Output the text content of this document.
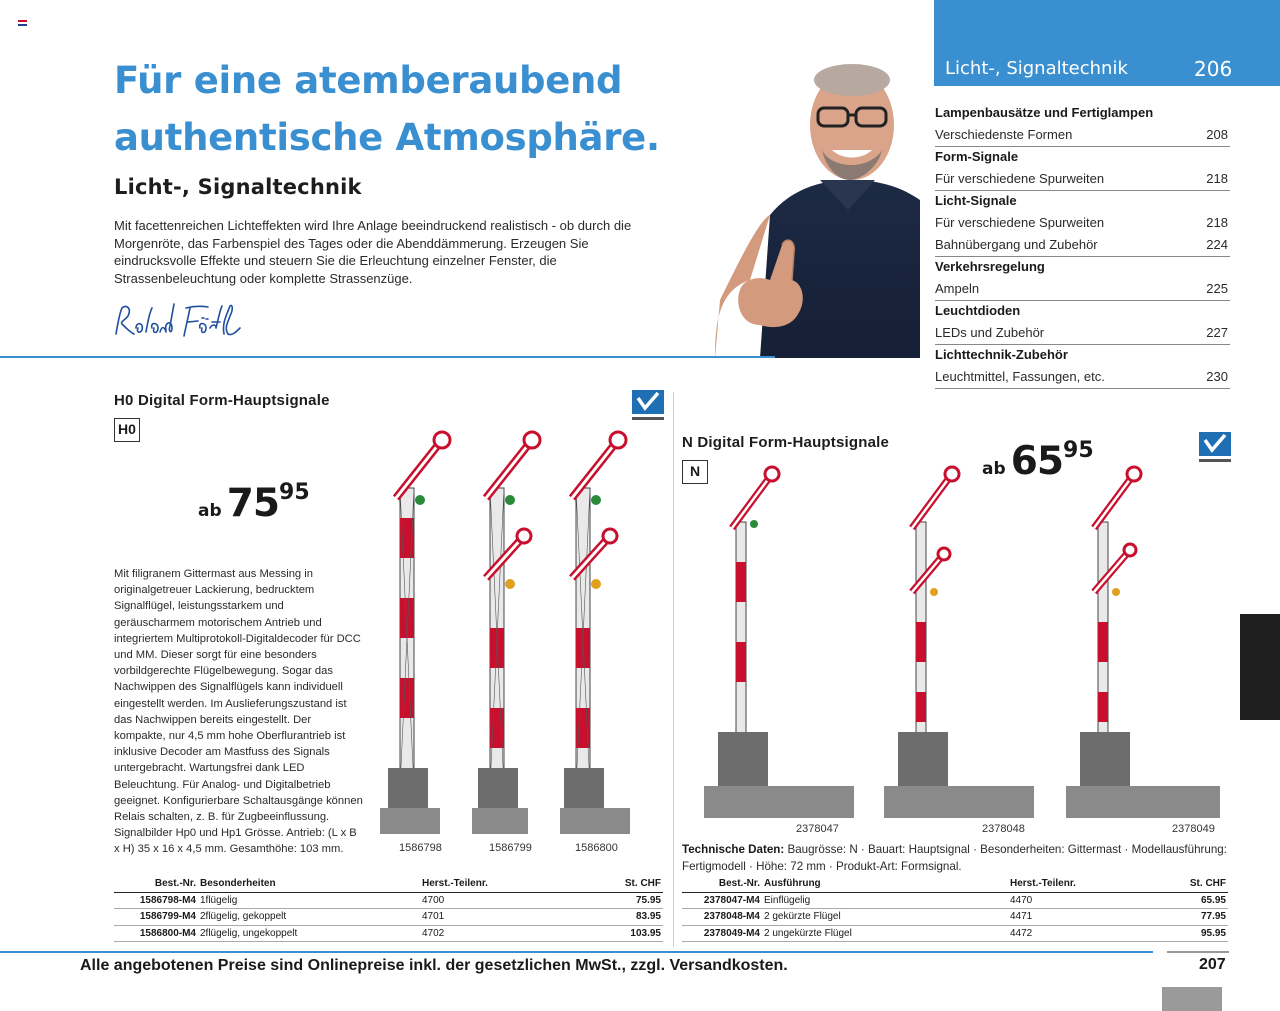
Für eine atemberaubend
authentische Atmosphäre.
Licht-, Signaltechnik
Mit facettenreichen Lichteffekten wird Ihre Anlage beeindruckend realistisch - ob durch die Morgenröte, das Farbenspiel des Tages oder die Abenddämmerung. Erzeugen Sie eindrucksvolle Effekte und steuern Sie die Erleuchtung einzelner Fenster, die Strassenbeleuchtung oder komplette Strassenzüge.
Licht-, Signaltechnik	206
Lampenbausätze und Fertiglampen
Verschiedenste Formen	208
Form-Signale
Für verschiedene Spurweiten	218
Licht-Signale
Für verschiedene Spurweiten	218
Bahnübergang und Zubehör	224
Verkehrsregelung
Ampeln	225
Leuchtdioden
LEDs und Zubehör	227
Lichttechnik-Zubehör
Leuchtmittel, Fassungen, etc.	230
H0 Digital Form-Hauptsignale
H0
ab 7595
Mit filigranem Gittermast aus Messing in originalgetreuer Lackierung, bedrucktem Signalflügel, leistungsstarkem und geräuscharmem motorischem Antrieb und integriertem Multiprotokoll-Digitaldecoder für DCC und MM. Dieser sorgt für eine besonders vorbildgerechte Flügelbewegung. Sogar das Nachwippen des Signalflügels kann individuell eingestellt werden. Im Auslieferungszustand ist das Nachwippen bereits eingestellt. Der kompakte, nur 4,5 mm hohe Oberflurantrieb ist inklusive Decoder am Mastfuss des Signals untergebracht. Wartungsfrei dank LED Beleuchtung. Für Analog- und Digitalbetrieb geeignet. Konfigurierbare Schaltausgänge können Relais schalten, z. B. für Zugbeeinflussung. Signalbilder Hp0 und Hp1 Grösse. Antrieb: (L x B x H) 35 x 16 x 4,5 mm. Gesamthöhe: 103 mm.	1586798	1586799	1586800
Best.-Nr.	Besonderheiten	Herst.-Teilenr.	St. CHF
1586798-M4	1flügelig	4700	75.95
1586799-M4	2flügelig, gekoppelt	4701	83.95
1586800-M4	2flügelig, ungekoppelt	4702	103.95
N Digital Form-Hauptsignale
N	ab 6595
2378047	2378048	2378049
Technische Daten: Baugrösse: N · Bauart: Hauptsignal · Besonderheiten: Gittermast · Modellausführung: Fertigmodell · Höhe: 72 mm · Produkt-Art: Formsignal.
Best.-Nr.	Ausführung	Herst.-Teilenr.	St. CHF
2378047-M4	Einflügelig	4470	65.95
2378048-M4	2 gekürzte Flügel	4471	77.95
2378049-M4	2 ungekürzte Flügel	4472	95.95
Alle angebotenen Preise sind Onlinepreise inkl. der gesetzlichen MwSt., zzgl. Versandkosten.	207
